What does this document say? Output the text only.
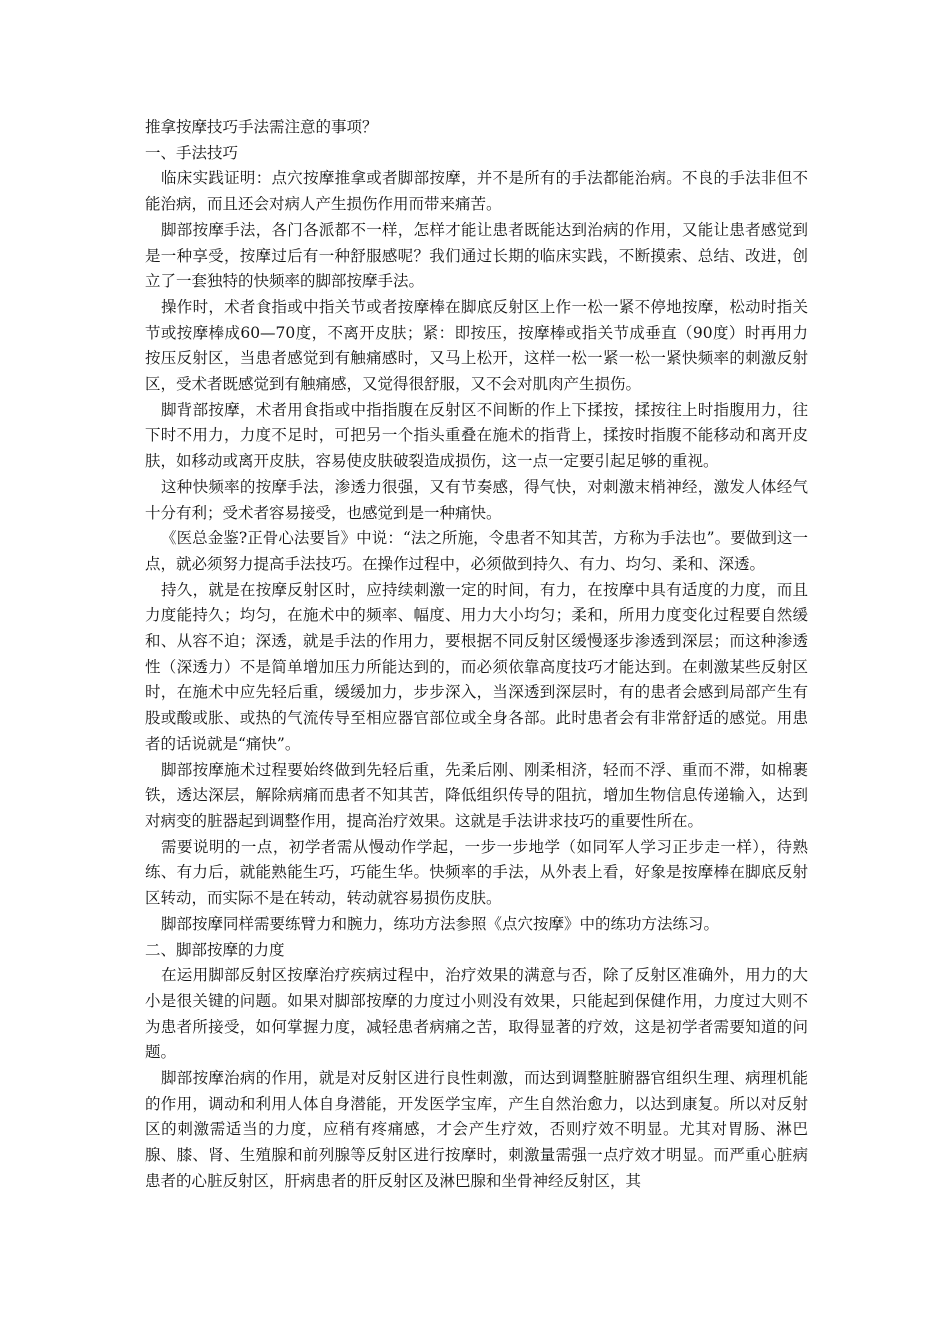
推拿按摩技巧手法需注意的事项？
一、手法技巧

临床实践证明：点穴按摩推拿或者脚部按摩，并不是所有的手法都能治病。不良的手法非但不能治病，而且还会对病人产生损伤作用而带来痛苦。

脚部按摩手法，各门各派都不一样，怎样才能让患者既能达到治病的作用，又能让患者感觉到是一种享受，按摩过后有一种舒服感呢？我们通过长期的临床实践，不断摸索、总结、改进，创立了一套独特的快频率的脚部按摩手法。

操作时，术者食指或中指关节或者按摩棒在脚底反射区上作一松一紧不停地按摩，松动时指关节或按摩棒成60—70度，不离开皮肤；紧：即按压，按摩棒或指关节成垂直（90度）时再用力按压反射区，当患者感觉到有触痛感时，又马上松开，这样一松一紧一松一紧快频率的刺激反射区，受术者既感觉到有触痛感，又觉得很舒服，又不会对肌肉产生损伤。

脚背部按摩，术者用食指或中指指腹在反射区不间断的作上下揉按，揉按往上时指腹用力，往下时不用力，力度不足时，可把另一个指头重叠在施术的指背上，揉按时指腹不能移动和离开皮肤，如移动或离开皮肤，容易使皮肤破裂造成损伤，这一点一定要引起足够的重视。

这种快频率的按摩手法，渗透力很强，又有节奏感，得气快，对刺激末梢神经，激发人体经气十分有利；受术者容易接受，也感觉到是一种痛快。

《医总金鉴?正骨心法要旨》中说：“法之所施，令患者不知其苦，方称为手法也”。要做到这一点，就必须努力提高手法技巧。在操作过程中，必须做到持久、有力、均匀、柔和、深透。

持久，就是在按摩反射区时，应持续刺激一定的时间，有力，在按摩中具有适度的力度，而且力度能持久；均匀，在施术中的频率、幅度、用力大小均匀；柔和，所用力度变化过程要自然缓和、从容不迫；深透，就是手法的作用力，要根据不同反射区缓慢逐步渗透到深层；而这种渗透性（深透力）不是简单增加压力所能达到的，而必须依靠高度技巧才能达到。在刺激某些反射区时，在施术中应先轻后重，缓缓加力，步步深入，当深透到深层时，有的患者会感到局部产生有股或酸或胀、或热的气流传导至相应器官部位或全身各部。此时患者会有非常舒适的感觉。用患者的话说就是“痛快”。

脚部按摩施术过程要始终做到先轻后重，先柔后刚、刚柔相济，轻而不浮、重而不滞，如棉裹铁，透达深层，解除病痛而患者不知其苦，降低组织传导的阻抗，增加生物信息传递输入，达到对病变的脏器起到调整作用，提高治疗效果。这就是手法讲求技巧的重要性所在。

需要说明的一点，初学者需从慢动作学起，一步一步地学（如同军人学习正步走一样），待熟练、有力后，就能熟能生巧，巧能生华。快频率的手法，从外表上看，好象是按摩棒在脚底反射区转动，而实际不是在转动，转动就容易损伤皮肤。

脚部按摩同样需要练臂力和腕力，练功方法参照《点穴按摩》中的练功方法练习。

二、脚部按摩的力度

在运用脚部反射区按摩治疗疾病过程中，治疗效果的满意与否，除了反射区准确外，用力的大小是很关键的问题。如果对脚部按摩的力度过小则没有效果，只能起到保健作用，力度过大则不为患者所接受，如何掌握力度，减轻患者病痛之苦，取得显著的疗效，这是初学者需要知道的问题。

脚部按摩治病的作用，就是对反射区进行良性刺激，而达到调整脏腑器官组织生理、病理机能的作用，调动和利用人体自身潜能，开发医学宝库，产生自然治愈力，以达到康复。所以对反射区的刺激需适当的力度，应稍有疼痛感，才会产生疗效，否则疗效不明显。尤其对胃肠、淋巴腺、膝、肾、生殖腺和前列腺等反射区进行按摩时，刺激量需强一点疗效才明显。而严重心脏病患者的心脏反射区，肝病患者的肝反射区及淋巴腺和坐骨神经反射区，其
